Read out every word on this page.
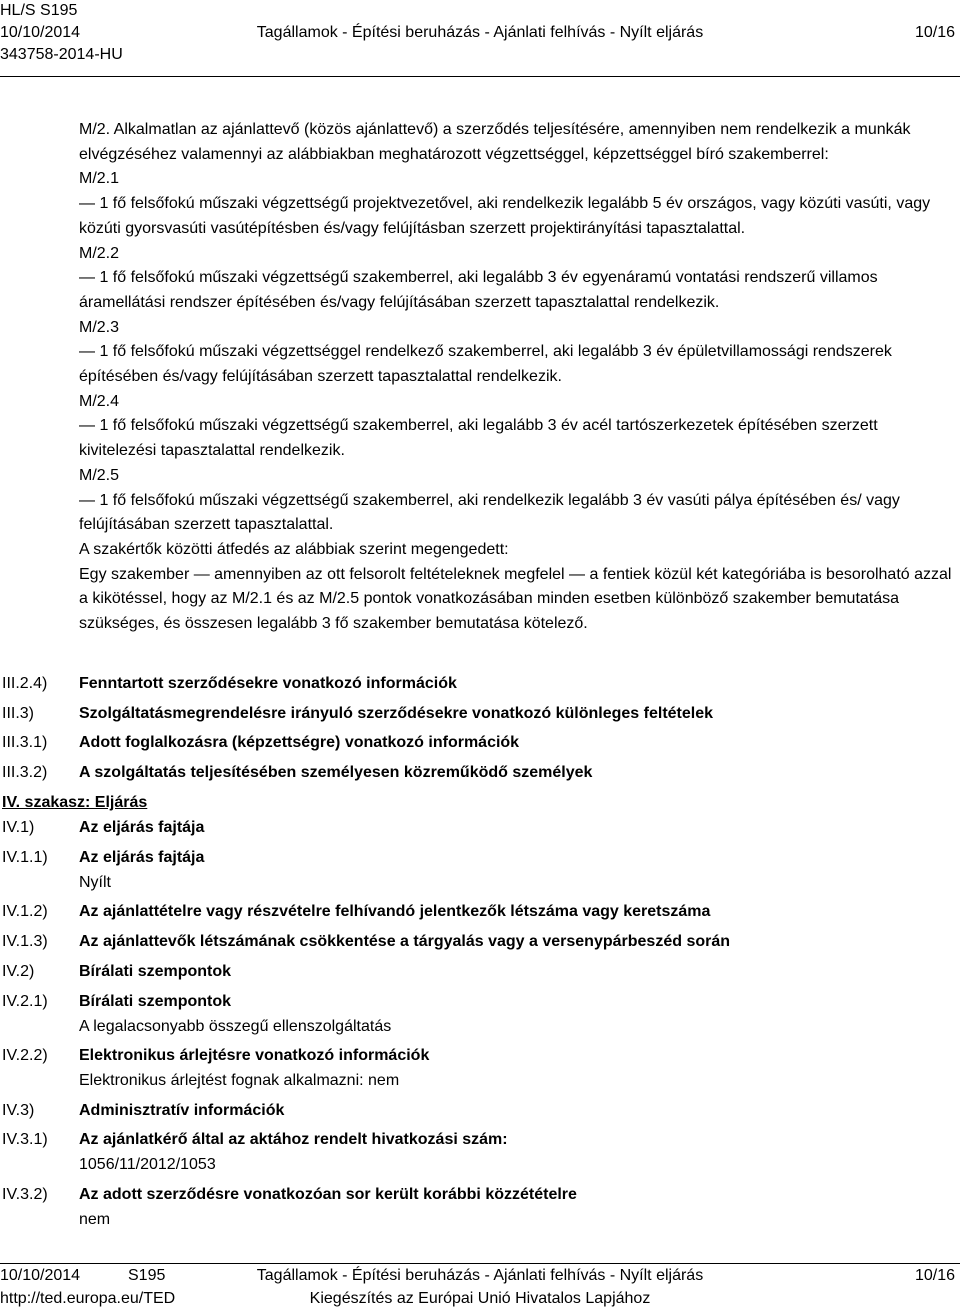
HL/S S195
10/10/2014
343758-2014-HU
Tagállamok - Építési beruházás - Ajánlati felhívás - Nyílt eljárás	10/16

M/2. Alkalmatlan az ajánlattevő (közös ajánlattevő) a szerződés teljesítésére, amennyiben nem rendelkezik a munkák elvégzéséhez valamennyi az alábbiakban meghatározott végzettséggel, képzettséggel bíró szakemberrel:

M/2.1

— 1 fő felsőfokú műszaki végzettségű projektvezetővel, aki rendelkezik legalább 5 év országos, vagy közúti vasúti, vagy közúti gyorsvasúti vasútépítésben és/vagy felújításban szerzett projektirányítási tapasztalattal.

M/2.2

— 1 fő felsőfokú műszaki végzettségű szakemberrel, aki legalább 3 év egyenáramú vontatási rendszerű villamos áramellátási rendszer építésében és/vagy felújításában szerzett tapasztalattal rendelkezik.

M/2.3

— 1 fő felsőfokú műszaki végzettséggel rendelkező szakemberrel, aki legalább 3 év épületvillamossági rendszerek építésében és/vagy felújításában szerzett tapasztalattal rendelkezik.

M/2.4

— 1 fő felsőfokú műszaki végzettségű szakemberrel, aki legalább 3 év acél tartószerkezetek építésében szerzett kivitelezési tapasztalattal rendelkezik.

M/2.5

— 1 fő felsőfokú műszaki végzettségű szakemberrel, aki rendelkezik legalább 3 év vasúti pálya építésében és/ vagy felújításában szerzett tapasztalattal.

A szakértők közötti átfedés az alábbiak szerint megengedett:

Egy szakember — amennyiben az ott felsorolt feltételeknek megfelel — a fentiek közül két kategóriába is besorolható azzal a kikötéssel, hogy az M/2.1 és az M/2.5 pontok vonatkozásában minden esetben különböző szakember bemutatása szükséges, és összesen legalább 3 fő szakember bemutatása kötelező.

III.2.4) Fenntartott szerződésekre vonatkozó információk
III.3)	Szolgáltatásmegrendelésre irányuló szerződésekre vonatkozó különleges feltételek
III.3.1) Adott foglalkozásra (képzettségre) vonatkozó információk
III.3.2) A szolgáltatás teljesítésében személyesen közreműködő személyek
IV. szakasz: Eljárás
IV.1)	Az eljárás fajtája
IV.1.1) Az eljárás fajtája
Nyílt
IV.1.2) Az ajánlattételre vagy részvételre felhívandó jelentkezők létszáma vagy keretszáma
IV.1.3) Az ajánlattevők létszámának csökkentése a tárgyalás vagy a versenypárbeszéd során
IV.2)	Bírálati szempontok
IV.2.1) Bírálati szempontok
A legalacsonyabb összegű ellenszolgáltatás
IV.2.2) Elektronikus árlejtésre vonatkozó információk
Elektronikus árlejtést fognak alkalmazni: nem
IV.3)	Adminisztratív információk
IV.3.1) Az ajánlatkérő által az aktához rendelt hivatkozási szám:
1056/11/2012/1053
IV.3.2) Az adott szerződésre vonatkozóan sor került korábbi közzétételre
nem
10/10/2014	S195
http://ted.europa.eu/TED
Tagállamok - Építési beruházás - Ajánlati felhívás - Nyílt eljárás
Kiegészítés az Európai Unió Hivatalos Lapjához
10/16
